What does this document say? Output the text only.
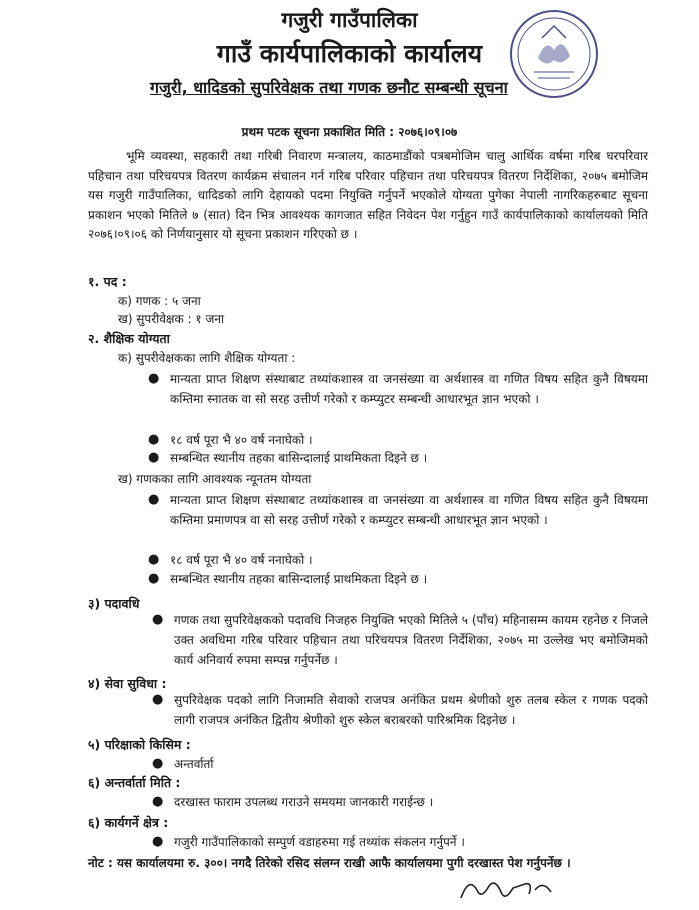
गजुरी गाउँपालिका
गाउँ कार्यपालिकाको कार्यालय
गजुरी, धादिडको सुपरिवेक्षक तथा गणक छनौट सम्बन्धी सूचना
प्रथम पटक सूचना प्रकाशित मिति : २०७६।०९।०७
भूमि व्यवस्था, सहकारी तथा गरिबी निवारण मन्त्रालय, काठमाडौंको पत्रबमोजिम चालु आर्थिक वर्षमा गरिब घरपरिवार पहिचान तथा परिचयपत्र वितरण कार्यक्रम संचालन गर्न गरिब परिवार पहिचान तथा परिचयपत्र वितरण निर्देशिका, २०७५ बमोजिम यस गजुरी गाउँपालिका, धादिडको लागि देहायको पदमा नियुक्ति गर्नुपर्ने भएकोले योग्यता पुगेका नेपाली नागरिकहरुबाट सूचना प्रकाशन भएको मितिले ७ (सात) दिन भित्र आवश्यक कागजात सहित निवेदन पेश गर्नुहुन गाउँ कार्यपालिकाको कार्यालयको मिति २०७६।०९।०६ को निर्णयानुसार यो सूचना प्रकाशन गरिएको छ ।
१. पद :
क) गणक : ५ जना
ख) सुपरीवेक्षक : १ जना
२. शैक्षिक योग्यता
क) सुपरीवेक्षकका लागि शैक्षिक योग्यता :
● मान्यता प्राप्त शिक्षण संस्थाबाट तथ्यांकशास्त्र वा जनसंख्या वा अर्थशास्त्र वा गणित विषय सहित कुनै विषयमा कम्तिमा स्नातक वा सो सरह उत्तीर्ण गरेको र कम्प्युटर सम्बन्धी आधारभूत ज्ञान भएको ।
● १८ वर्ष पूरा भै ४० वर्ष ननाघेको ।
● सम्बन्धित स्थानीय तहका बासिन्दालाई प्राथमिकता दिइने छ ।
ख) गणकका लागि आवश्यक न्यूनतम योग्यता
● मान्यता प्राप्त शिक्षण संस्थाबाट तथ्यांकशास्त्र वा जनसंख्या वा अर्थशास्त्र वा गणित विषय सहित कुनै विषयमा कम्तिमा प्रमाणपत्र वा सो सरह उत्तीर्ण गरेको र कम्प्युटर सम्बन्धी आधारभूत ज्ञान भएको ।
● १८ वर्ष पूरा भै ४० वर्ष ननाघेको ।
● सम्बन्धित स्थानीय तहका बासिन्दालाई प्राथमिकता दिइने छ ।
३) पदावधि
● गणक तथा सुपरिवेक्षकको पदावधि निजहरु नियुक्ति भएको मितिले ५ (पाँच) महिनासम्म कायम रहनेछ र निजले उक्त अवधिमा गरिब परिवार पहिचान तथा परिचयपत्र वितरण निर्देशिका, २०७५ मा उल्लेख भए बमोजिमको कार्य अनिवार्य रुपमा सम्पन्न गर्नुपर्नेछ ।
४) सेवा सुविधा :
● सुपरिवेक्षक पदको लागि निजामति सेवाको राजपत्र अनंकित प्रथम श्रेणीको शुरु तलब स्केल र गणक पदको लागी राजपत्र अनंकित द्वितीय श्रेणीको शुरु स्केल बराबरको पारिश्रमिक दिइनेछ ।
५) परिक्षाको किसिम :
● अन्तर्वार्ता
६) अन्तर्वार्ता मिति :
● दरखास्त फाराम उपलब्ध गराउने समयमा जानकारी गराईन्छ ।
६) कार्यगर्ने क्षेत्र :
● गजुरी गाउँपालिकाको सम्पुर्ण वडाहरुमा गई तथ्यांक संकलन गर्नुपर्ने ।
नोट : यस कार्यालयमा रु. ३००। नगदै तिरेको रसिद संलग्न राखी आफै कार्यालयमा पुगी दरखास्त पेश गर्नुपर्नेछ ।
